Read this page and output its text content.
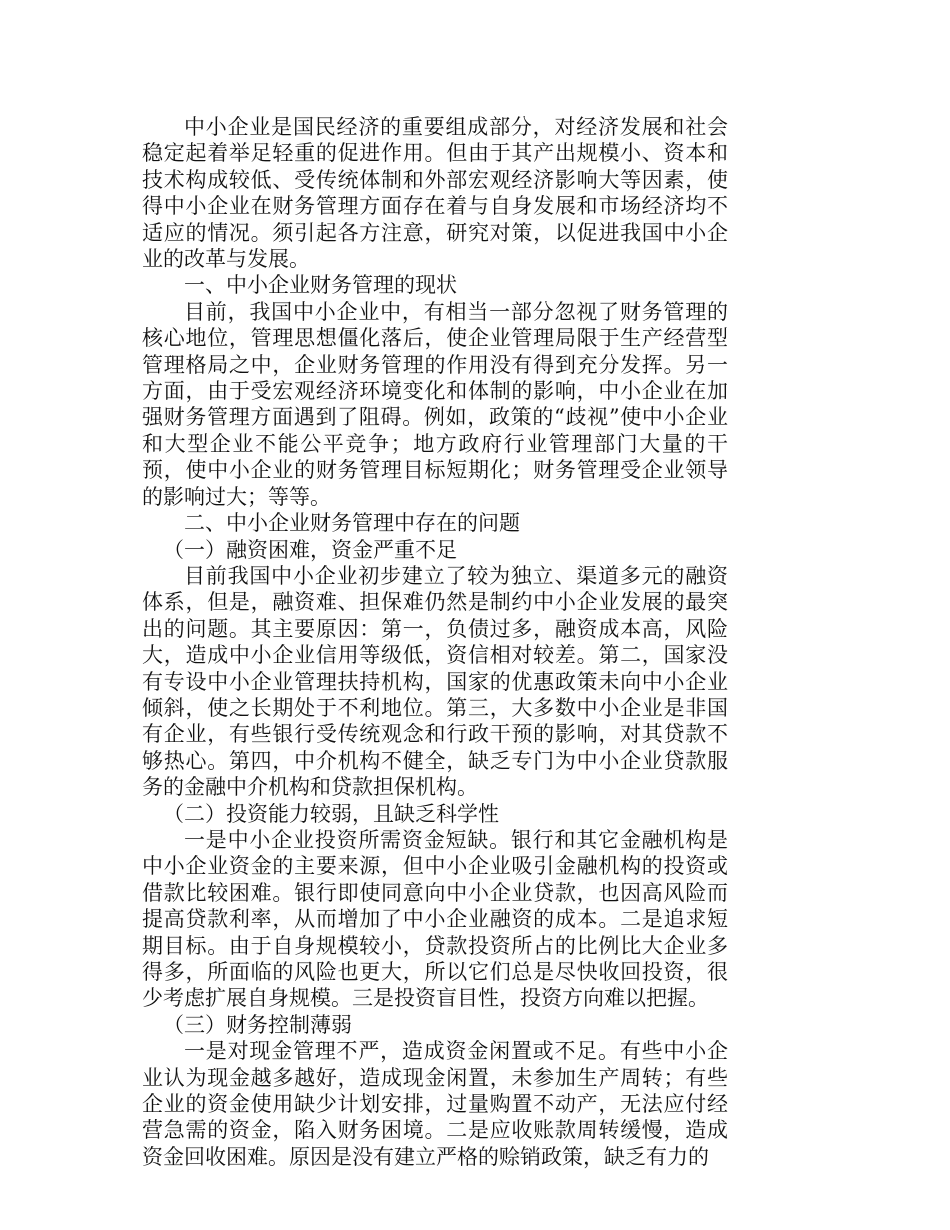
中小企业是国民经济的重要组成部分，对经济发展和社会稳定起着举足轻重的促进作用。但由于其产出规模小、资本和技术构成较低、受传统体制和外部宏观经济影响大等因素，使得中小企业在财务管理方面存在着与自身发展和市场经济均不适应的情况。须引起各方注意，研究对策，以促进我国中小企业的改革与发展。

一、中小企业财务管理的现状

目前，我国中小企业中，有相当一部分忽视了财务管理的核心地位，管理思想僵化落后，使企业管理局限于生产经营型管理格局之中，企业财务管理的作用没有得到充分发挥。另一方面，由于受宏观经济环境变化和体制的影响，中小企业在加强财务管理方面遇到了阻碍。例如，政策的“歧视”使中小企业和大型企业不能公平竞争；地方政府行业管理部门大量的干预，使中小企业的财务管理目标短期化；财务管理受企业领导的影响过大；等等。

二、中小企业财务管理中存在的问题

（一）融资困难，资金严重不足

目前我国中小企业初步建立了较为独立、渠道多元的融资体系，但是，融资难、担保难仍然是制约中小企业发展的最突出的问题。其主要原因：第一，负债过多，融资成本高，风险大，造成中小企业信用等级低，资信相对较差。第二，国家没有专设中小企业管理扶持机构，国家的优惠政策未向中小企业倾斜，使之长期处于不利地位。第三，大多数中小企业是非国有企业，有些银行受传统观念和行政干预的影响，对其贷款不够热心。第四，中介机构不健全，缺乏专门为中小企业贷款服务的金融中介机构和贷款担保机构。

（二）投资能力较弱，且缺乏科学性

一是中小企业投资所需资金短缺。银行和其它金融机构是中小企业资金的主要来源，但中小企业吸引金融机构的投资或借款比较困难。银行即使同意向中小企业贷款，也因高风险而提高贷款利率，从而增加了中小企业融资的成本。二是追求短期目标。由于自身规模较小，贷款投资所占的比例比大企业多得多，所面临的风险也更大，所以它们总是尽快收回投资，很少考虑扩展自身规模。三是投资盲目性，投资方向难以把握。

（三）财务控制薄弱

一是对现金管理不严，造成资金闲置或不足。有些中小企业认为现金越多越好，造成现金闲置，未参加生产周转；有些企业的资金使用缺少计划安排，过量购置不动产，无法应付经营急需的资金，陷入财务困境。二是应收账款周转缓慢，造成资金回收困难。原因是没有建立严格的赊销政策，缺乏有力的
